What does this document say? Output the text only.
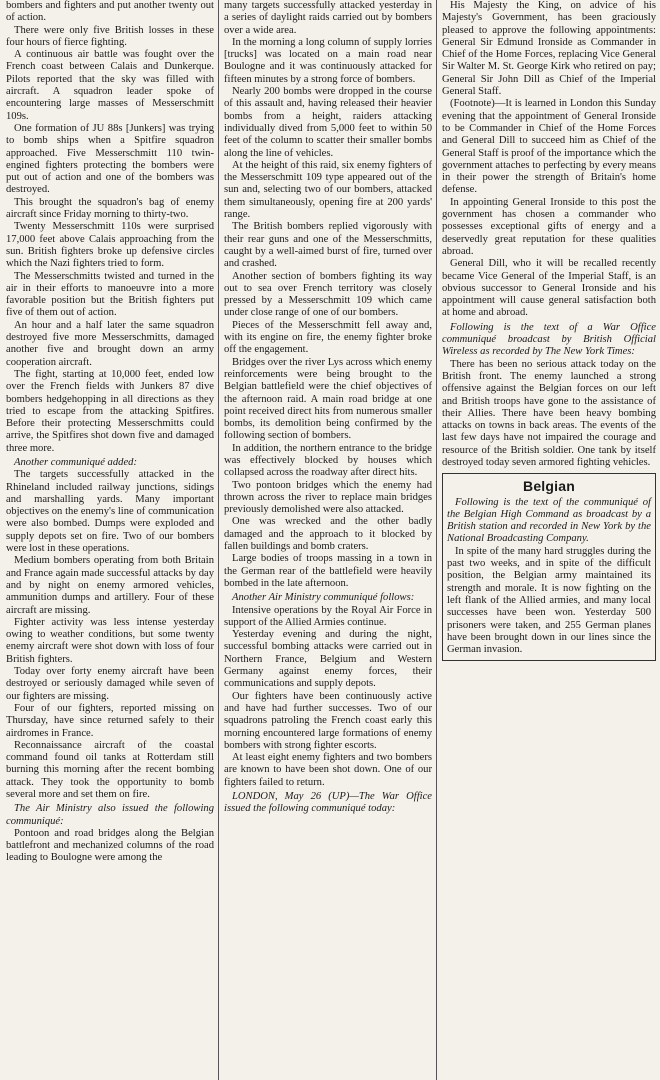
bombers and fighters and put another twenty out of action.

There were only five British losses in these four hours of fierce fighting.

A continuous air battle was fought over the French coast between Calais and Dunkerque. Pilots reported that the sky was filled with aircraft. A squadron leader spoke of encountering large masses of Messerschmitt 109s.

One formation of JU 88s [Junkers] was trying to bomb ships when a Spitfire squadron approached. Five Messerschmitt 110 twin-engined fighters protecting the bombers were put out of action and one of the bombers was destroyed.

This brought the squadron's bag of enemy aircraft since Friday morning to thirty-two.

Twenty Messerschmitt 110s were surprised 17,000 feet above Calais approaching from the sun. British fighters broke up defensive circles which the Nazi fighters tried to form.

The Messerschmitts twisted and turned in the air in their efforts to manoeuvre into a more favorable position but the British fighters put five of them out of action.

An hour and a half later the same squadron destroyed five more Messerschmitts, damaged another five and brought down an army cooperation aircraft.

The fight, starting at 10,000 feet, ended low over the French fields with Junkers 87 dive bombers hedgehopping in all directions as they tried to escape from the attacking Spitfires. Before their protecting Messerschmitts could arrive, the Spitfires shot down five and damaged three more.

Another communiqué added:

The targets successfully attacked in the Rhineland included railway junctions, sidings and marshalling yards. Many important objectives on the enemy's line of communication were also bombed. Dumps were exploded and supply depots set on fire. Two of our bombers were lost in these operations.

Medium bombers operating from both Britain and France again made successful attacks by day and by night on enemy armored vehicles, ammunition dumps and artillery. Four of these aircraft are missing.

Fighter activity was less intense yesterday owing to weather conditions, but some twenty enemy aircraft were shot down with loss of four British fighters.

Today over forty enemy aircraft have been destroyed or seriously damaged while seven of our fighters are missing.

Four of our fighters, reported missing on Thursday, have since returned safely to their airdromes in France.

Reconnaissance aircraft of the coastal command found oil tanks at Rotterdam still burning this morning after the recent bombing attack. They took the opportunity to bomb several more and set them on fire.

The Air Ministry also issued the following communiqué:

Pontoon and road bridges along the Belgian battlefront and mechanized columns of the road leading to Boulogne were among the

many targets successfully attacked yesterday in a series of daylight raids carried out by bombers over a wide area.

In the morning a long column of supply lorries [trucks] was located on a main road near Boulogne and it was continuously attacked for fifteen minutes by a strong force of bombers.

Nearly 200 bombs were dropped in the course of this assault and, having released their heavier bombs from a height, raiders attacking individually dived from 5,000 feet to within 50 feet of the column to scatter their smaller bombs along the line of vehicles.

At the height of this raid, six enemy fighters of the Messerschmitt 109 type appeared out of the sun and, selecting two of our bombers, attacked them simultaneously, opening fire at 200 yards' range.

The British bombers replied vigorously with their rear guns and one of the Messerschmitts, caught by a well-aimed burst of fire, turned over and crashed.

Another section of bombers fighting its way out to sea over French territory was closely pressed by a Messerschmitt 109 which came under close range of one of our bombers.

Pieces of the Messerschmitt fell away and, with its engine on fire, the enemy fighter broke off the engagement.

Bridges over the river Lys across which enemy reinforcements were being brought to the Belgian battlefield were the chief objectives of the afternoon raid. A main road bridge at one point received direct hits from numerous smaller bombs, its demolition being confirmed by the following section of bombers.

In addition, the northern entrance to the bridge was effectively blocked by houses which collapsed across the roadway after direct hits.

Two pontoon bridges which the enemy had thrown across the river to replace main bridges previously demolished were also attacked.

One was wrecked and the other badly damaged and the approach to it blocked by fallen buildings and bomb craters.

Large bodies of troops massing in a town in the German rear of the battlefield were heavily bombed in the late afternoon.

Another Air Ministry communiqué follows:

Intensive operations by the Royal Air Force in support of the Allied Armies continue.

Yesterday evening and during the night, successful bombing attacks were carried out in Northern France, Belgium and Western Germany against enemy forces, their communications and supply depots.

Our fighters have been continuously active and have had further successes. Two of our squadrons patroling the French coast early this morning encountered large formations of enemy bombers with strong fighter escorts.

At least eight enemy fighters and two bombers are known to have been shot down. One of our fighters failed to return.

LONDON, May 26 (UP)—The War Office issued the following communiqué today:

His Majesty the King, on advice of his Majesty's Government, has been graciously pleased to approve the following appointments: General Sir Edmund Ironside as Commander in Chief of the Home Forces, replacing Vice General Sir Walter M. St. George Kirk who retired on pay; General Sir John Dill as Chief of the Imperial General Staff.

(Footnote)—It is learned in London this Sunday evening that the appointment of General Ironside to be Commander in Chief of the Home Forces and General Dill to succeed him as Chief of the General Staff is proof of the importance which the government attaches to perfecting by every means in their power the strength of Britain's home defense.

In appointing General Ironside to this post the government has chosen a commander who possesses exceptional gifts of energy and a deservedly great reputation for these qualities abroad.

General Dill, who it will be recalled recently became Vice General of the Imperial Staff, is an obvious successor to General Ironside and his appointment will cause general satisfaction both at home and abroad.

Following is the text of a War Office communiqué broadcast by British Official Wireless as recorded by The New York Times:

There has been no serious attack today on the British front. The enemy launched a strong offensive against the Belgian forces on our left and British troops have gone to the assistance of their Allies. There have been heavy bombing attacks on towns in back areas. The events of the last few days have not impaired the courage and resource of the British soldier. One tank by itself destroyed today seven armored fighting vehicles.

Belgian

Following is the text of the communiqué of the Belgian High Command as broadcast by a British station and recorded in New York by the National Broadcasting Company.

In spite of the many hard struggles during the past two weeks, and in spite of the difficult position, the Belgian army maintained its strength and morale. It is now fighting on the left flank of the Allied armies, and many local successes have been won. Yesterday 500 prisoners were taken, and 255 German planes have been brought down in our lines since the German invasion.
